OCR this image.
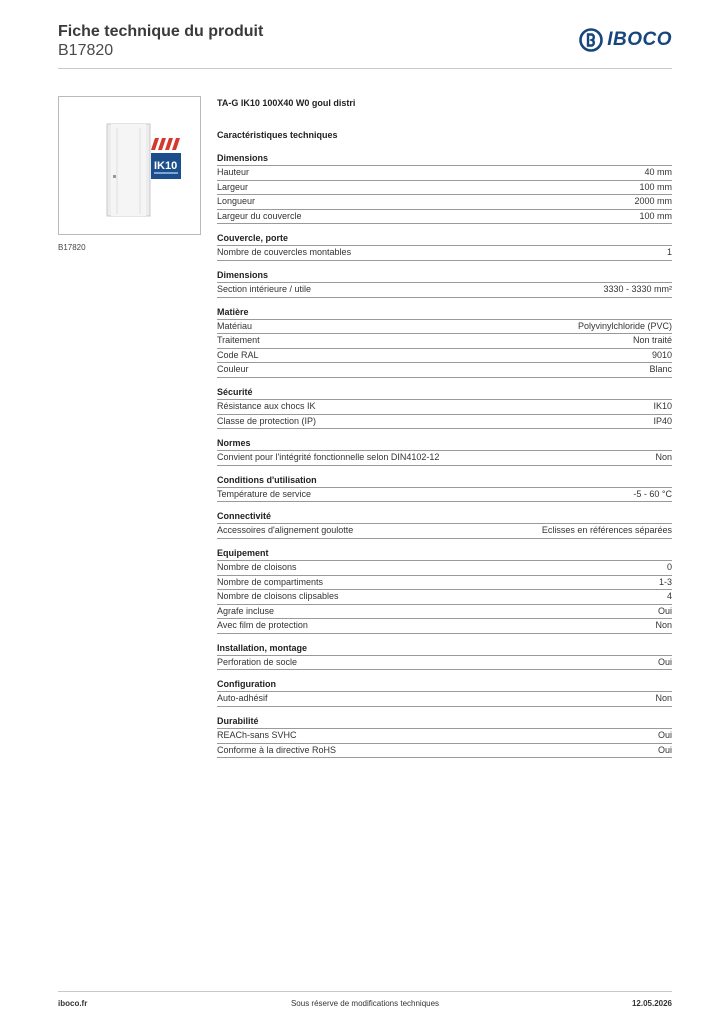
Fiche technique du produit
B17820
IBOCO
IK10
B17820
TA-G IK10 100X40 W0 goul distri
Caractéristiques techniques
Dimensions
Hauteur	40 mm
Largeur	100 mm
Longueur	2000 mm
Largeur du couvercle	100 mm
Couvercle, porte
Nombre de couvercles montables	1
Dimensions
Section intérieure / utile	3330 - 3330 mm²
Matière
Matériau	Polyvinylchloride (PVC)
Traitement	Non traité
Code RAL	9010
Couleur	Blanc
Sécurité
Résistance aux chocs IK	IK10
Classe de protection (IP)	IP40
Normes
Convient pour l'intégrité fonctionnelle selon DIN4102-12	Non
Conditions d'utilisation
Température de service	-5 - 60 °C
Connectivité
Accessoires d'alignement goulotte	Eclisses en références séparées
Equipement
Nombre de cloisons	0
Nombre de compartiments	1-3
Nombre de cloisons clipsables	4
Agrafe incluse	Oui
Avec film de protection	Non
Installation, montage
Perforation de socle	Oui
Configuration
Auto-adhésif	Non
Durabilité
REACh-sans SVHC	Oui
Conforme à la directive RoHS	Oui
iboco.fr	Sous réserve de modifications techniques	12.05.2026
